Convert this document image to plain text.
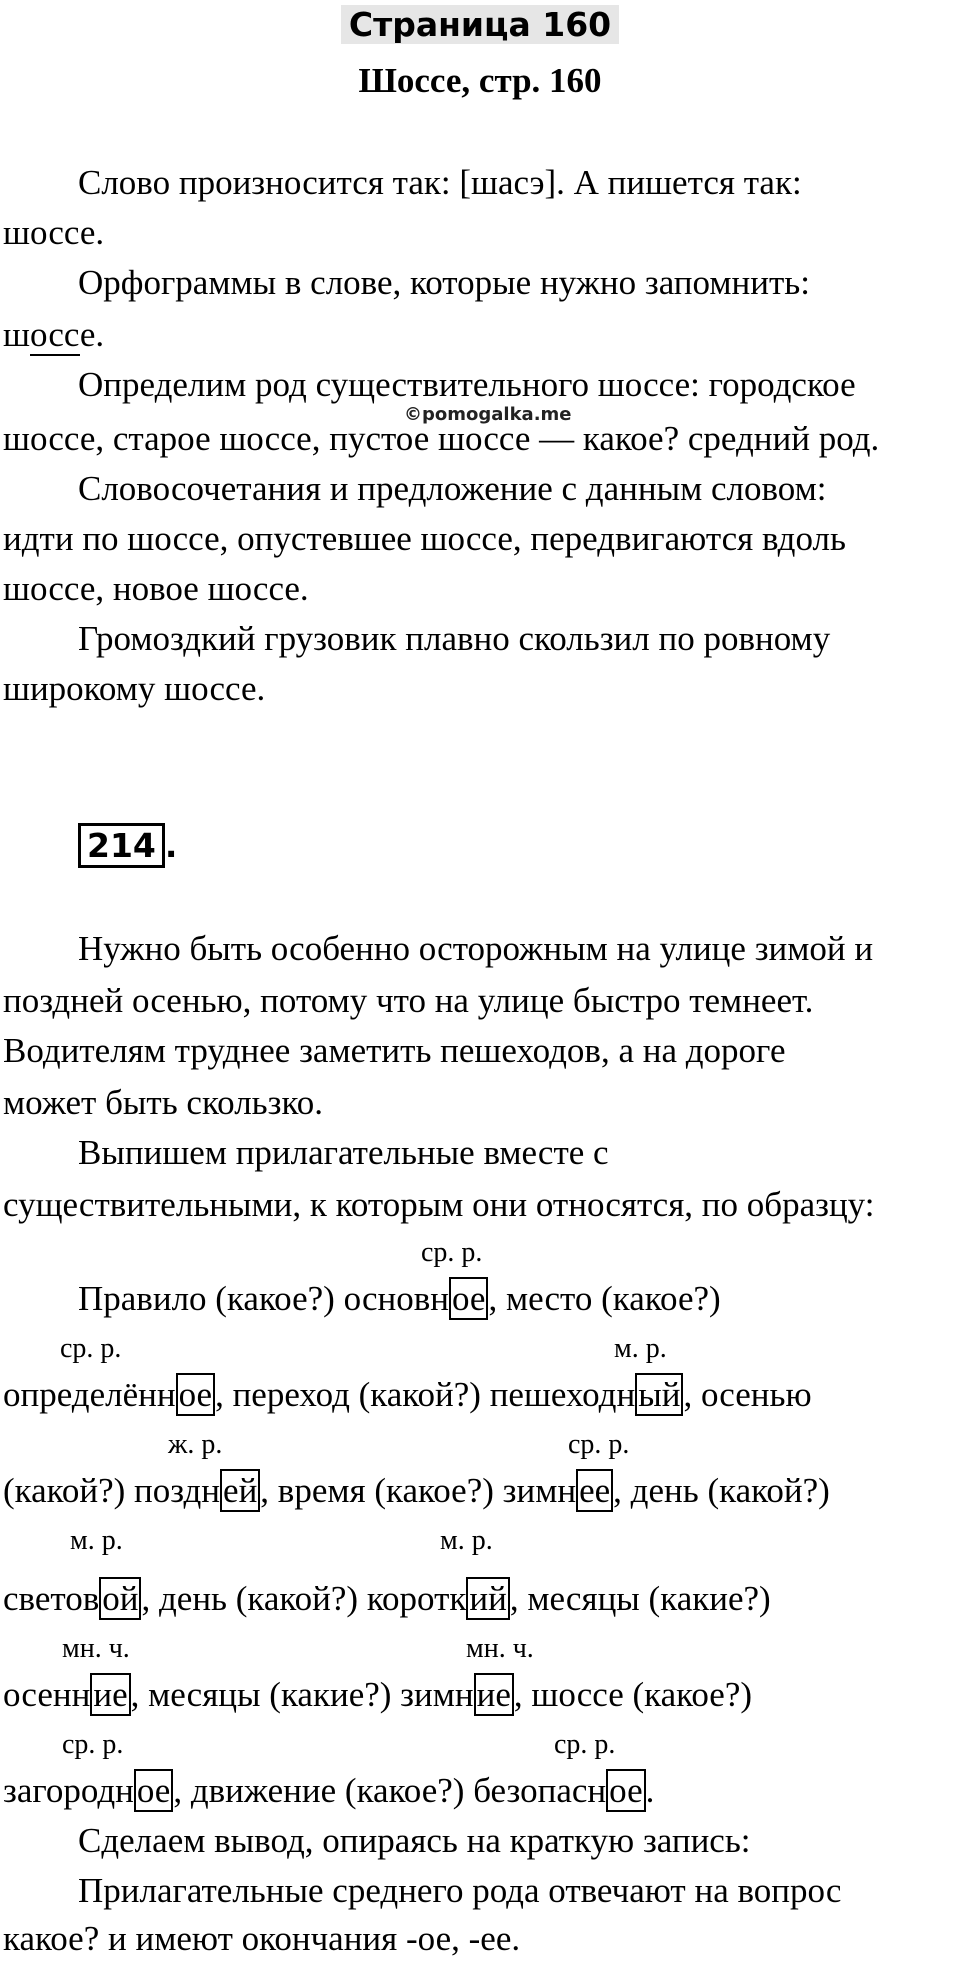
Страница 160
Шоссе, стр. 160
©pomogalka.me
Слово произносится так: [шасэ]. А пишется так:
шоссе.
Орфограммы в слове, которые нужно запомнить:
шоссе.
Определим род существительного шоссе: городское
шоссе, старое шоссе, пустое шоссе — какое? средний род.
Словосочетания и предложение с данным словом:
идти по шоссе, опустевшее шоссе, передвигаются вдоль
шоссе, новое шоссе.
Громоздкий грузовик плавно скользил по ровному
широкому шоссе.
214 .
Нужно быть особенно осторожным на улице зимой и
поздней осенью, потому что на улице быстро темнеет.
Водителям труднее заметить пешеходов, а на дороге
может быть скользко.
Выпишем прилагательные вместе с
существительными, к которым они относятся, по образцу:
ср. р.
Правило (какое?) основное, место (какое?)
ср. р.	м. р.
определённое, переход (какой?) пешеходный, осенью
ж. р.	ср. р.
(какой?) поздней, время (какое?) зимнее, день (какой?)
м. р.	м. р.
световой, день (какой?) короткий, месяцы (какие?)
мн. ч.	мн. ч.
осенние, месяцы (какие?) зимние, шоссе (какое?)
ср. р.	ср. р.
загородное, движение (какое?) безопасное.
Сделаем вывод, опираясь на краткую запись:
Прилагательные среднего рода отвечают на вопрос
какое? и имеют окончания -ое, -ее.
